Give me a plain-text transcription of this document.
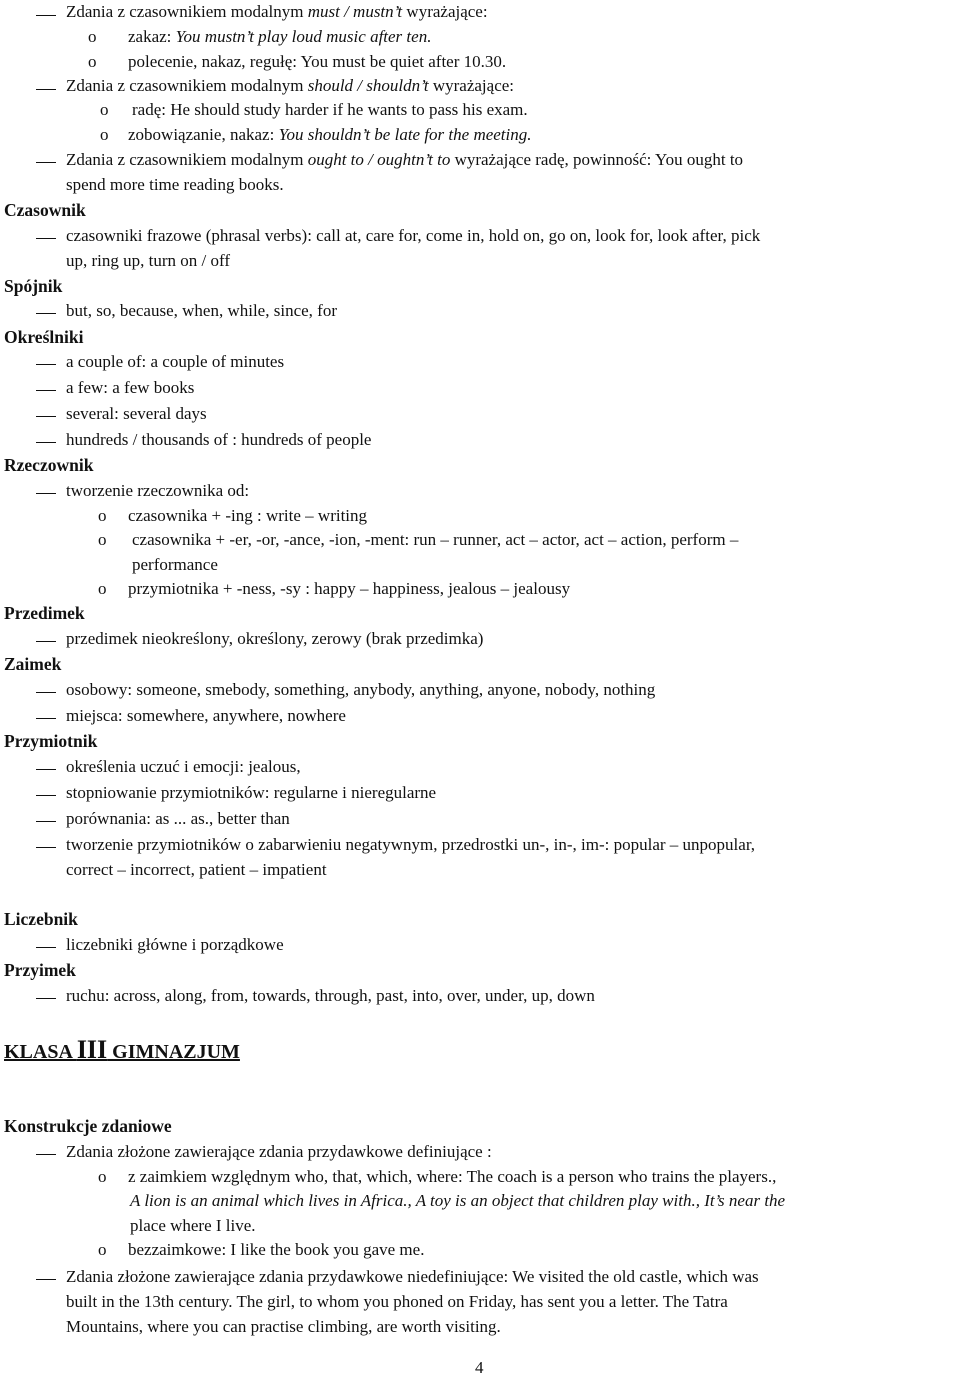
Zdania z czasownikiem modalnym must / mustn’t wyrażające:
o zakaz: You mustn’t play loud music after ten.
o polecenie, nakaz, regułę: You must be quiet after 10.30.
Zdania z czasownikiem modalnym should / shouldn’t wyrażające:
o radę: He should study harder if he wants to pass his exam.
o zobowiązanie, nakaz: You shouldn’t be late for the meeting.
Zdania z czasownikiem modalnym ought to / oughtn’t to wyrażające radę, powinność: You ought to
spend more time reading books.
Czasownik
czasowniki frazowe (phrasal verbs): call at, care for, come in, hold on, go on, look for, look after, pick
up, ring up, turn on / off
Spójnik
but, so, because, when, while, since, for
Określniki
a couple of: a couple of minutes
a few: a few books
several: several days
hundreds / thousands of : hundreds of people
Rzeczownik
tworzenie rzeczownika od:
o czasownika + -ing : write – writing
o czasownika + -er, -or, -ance, -ion, -ment: run – runner, act – actor, act – action, perform –
performance
o przymiotnika + -ness, -sy : happy – happiness, jealous – jealousy
Przedimek
przedimek nieokreślony, określony, zerowy (brak przedimka)
Zaimek
osobowy: someone, smebody, something, anybody, anything, anyone, nobody, nothing
miejsca: somewhere, anywhere, nowhere
Przymiotnik
określenia uczuć i emocji: jealous,
stopniowanie przymiotników: regularne i nieregularne
porównania: as ... as., better than
tworzenie przymiotników o zabarwieniu negatywnym, przedrostki un-, in-, im-: popular – unpopular,
correct – incorrect, patient – impatient
Liczebnik
liczebniki główne i porządkowe
Przyimek
ruchu: across, along, from, towards, through, past, into, over, under, up, down
KLASA III GIMNAZJUM
Konstrukcje zdaniowe
Zdania złożone zawierające zdania przydawkowe definiujące :
o z zaimkiem względnym who, that, which, where: The coach is a person who trains the players.,
A lion is an animal which lives in Africa., A toy is an object that children play with., It’s near the
place where I live.
o bezzaimkowe: I like the book you gave me.
Zdania złożone zawierające zdania przydawkowe niedefiniujące: We visited the old castle, which was
built in the 13th century. The girl, to whom you phoned on Friday, has sent you a letter. The Tatra
Mountains, where you can practise climbing, are worth visiting.
4
